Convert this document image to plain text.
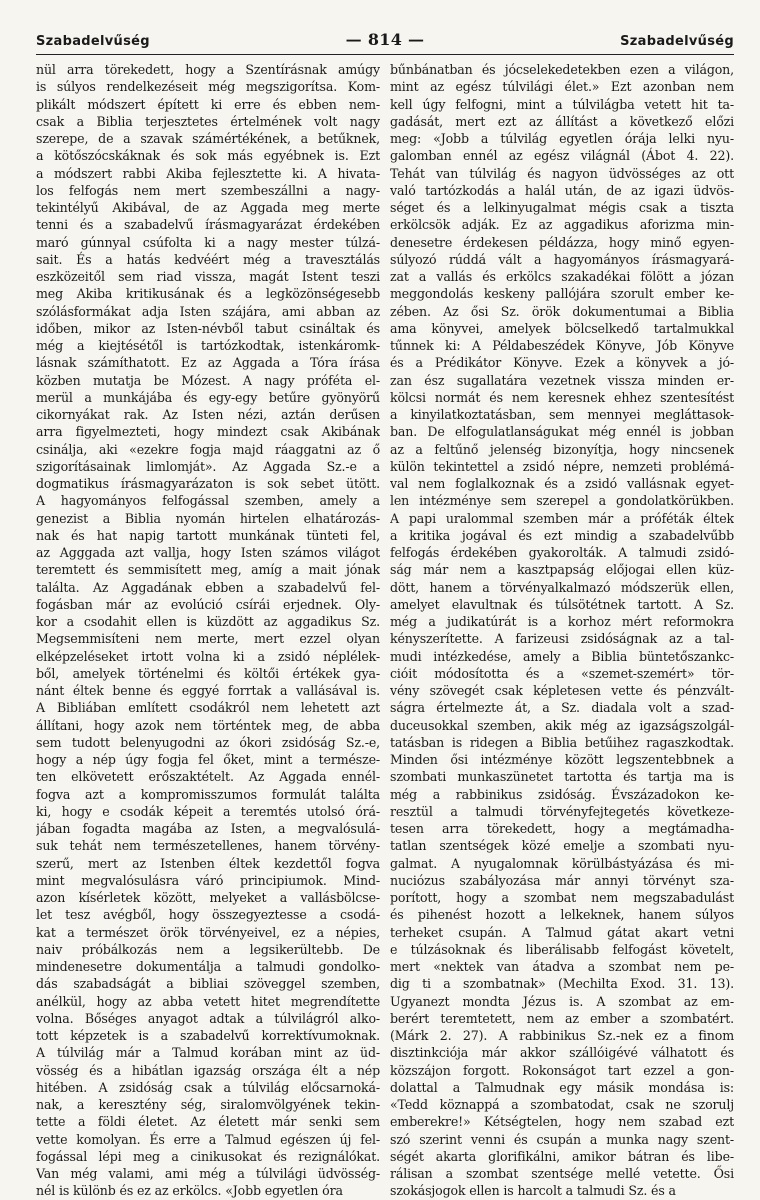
Szabadelvűség	— 814 —	Szabadelvűség
nül arra törekedett, hogy a Szentírásnak amúgy
is súlyos rendelkezéseit még megszigorítsa. Kom-
plikált módszert épített ki erre és ebben nem-
csak a Biblia terjesztetes értelmének volt nagy
szerepe, de a szavak számértékének, a betűknek,
a kötőszócskáknak és sok más egyébnek is. Ezt
a módszert rabbi Akiba fejlesztette ki. A hivata-
los felfogás nem mert szembeszállni a nagy-
tekintélyű Akibával, de az Aggada meg merte
tenni és a szabadelvű írásmagyarázat érdekében
maró gúnnyal csúfolta ki a nagy mester túlzá-
sait. És a hatás kedvéért még a travesztálás
eszközeitől sem riad vissza, magát Istent teszi
meg Akiba kritikusának és a legközönségesebb
szólásformákat adja Isten szájára, ami abban az
időben, mikor az Isten-névből tabut csináltak és
még a kiejtésétől is tartózkodtak, istenkáromk-
lásnak számíthatott. Ez az Aggada a Tóra írása
közben mutatja be Mózest. A nagy próféta el-
merül a munkájába és egy-egy betűre gyönyörű
cikornyákat rak. Az Isten nézi, aztán derűsen
arra figyelmezteti, hogy mindezt csak Akibának
csinálja, aki «ezekre fogja majd ráaggatni az ő
szigorításainak limlomját». Az Aggada Sz.-e a
dogmatikus írásmagyarázaton is sok sebet ütött.
A hagyományos felfogással szemben, amely a
genezist a Biblia nyomán hirtelen elhatározás-
nak és hat napig tartott munkának tünteti fel,
az Agggada azt vallja, hogy Isten számos világot
teremtett és semmisített meg, amíg a mait jónak
találta. Az Aggadának ebben a szabadelvű fel-
fogásban már az evolúció csírái erjednek. Oly-
kor a csodahit ellen is küzdött az aggadikus Sz.
Megsemmisíteni nem merte, mert ezzel olyan
elképzeléseket irtott volna ki a zsidó néplélek-
ből, amelyek történelmi és költői értékek gya-
nánt éltek benne és eggyé forrtak a vallásával is.
A Bibliában említett csodákról nem lehetett azt
állítani, hogy azok nem történtek meg, de abba
sem tudott belenyugodni az ókori zsidóság Sz.-e,
hogy a nép úgy fogja fel őket, mint a természe-
ten elkövetett erőszaktételt. Az Aggada ennél-
fogva azt a kompromisszumos formulát találta
ki, hogy e csodák képeit a teremtés utolsó órá-
jában fogadta magába az Isten, a megvalósulá-
suk tehát nem természetellenes, hanem törvény-
szerű, mert az Istenben éltek kezdettől fogva
mint megvalósulásra váró principiumok. Mind-
azon kísérletek között, melyeket a vallásbölcse-
let tesz avégből, hogy összegyeztesse a csodá-
kat a természet örök törvényeivel, ez a népies,
naiv próbálkozás nem a legsikerültebb. De
mindenesetre dokumentálja a talmudi gondolko-
dás szabadságát a bibliai szöveggel szemben,
anélkül, hogy az abba vetett hitet megrendítette
volna. Bőséges anyagot adtak a túlvilágról alko-
tott képzetek is a szabadelvű korrektívumoknak.
A túlvilág már a Talmud korában mint az üd-
vösség és a hibátlan igazság országa élt a nép
hitében. A zsidóság csak a túlvilág előcsarnoká-
nak, a keresztény ség, siralomvölgyének tekin-
tette a földi életet. Az életett már senki sem
vette komolyan. És erre a Talmud egészen új fel-
fogással lépi meg a cinikusokat és rezignálókat.
Van még valami, ami még a túlvilági üdvösség-
nél is különb és ez az erkölcs. «Jobb egyetlen óra
bűnbánatban és jócselekedetekben ezen a világon,
mint az egész túlvilági élet.» Ezt azonban nem
kell úgy felfogni, mint a túlvilágba vetett hit ta-
gadását, mert ezt az állítást a következő előzi
meg: «Jobb a túlvilág egyetlen órája lelki nyu-
galomban ennél az egész világnál (Ábot 4. 22).
Tehát van túlvilág és nagyon üdvösséges az ott
való tartózkodás a halál után, de az igazi üdvös-
séget és a lelkinyugalmat mégis csak a tiszta
erkölcsök adják. Ez az aggadikus aforizma min-
denesetre érdekesen példázza, hogy minő egyen-
súlyozó rúddá vált a hagyományos írásmagyará-
zat a vallás és erkölcs szakadékai fölött a józan
meggondolás keskeny pallójára szorult ember ke-
zében. Az ősi Sz. örök dokumentumai a Biblia
ama könyvei, amelyek bölcselkedő tartalmukkal
tűnnek ki: A Példabeszédek Könyve, Jób Könyve
és a Prédikátor Könyve. Ezek a könyvek a jó-
zan ész sugallatára vezetnek vissza minden er-
kölcsi normát és nem keresnek ehhez szentesítést
a kinyilatkoztatásban, sem mennyei megláttasok-
ban. De elfogulatlanságukat még ennél is jobban
az a feltűnő jelenség bizonyítja, hogy nincsenek
külön tekintettel a zsidó népre, nemzeti problémá-
val nem foglalkoznak és a zsidó vallásnak egyet-
len intézménye sem szerepel a gondolatkörükben.
A papi uralommal szemben már a próféták éltek
a kritika jogával és ezt mindig a szabadelvűbb
felfogás érdekében gyakorolták. A talmudi zsidó-
ság már nem a kasztpapság előjogai ellen küz-
dött, hanem a törvényalkalmazó módszerük ellen,
amelyet elavultnak és túlsötétnek tartott. A Sz.
még a judikatúrát is a korhoz mért reformokra
kényszerítette. A farizeusi zsidóságnak az a tal-
mudi intézkedése, amely a Biblia büntetőszankc-
cióit módosította és a «szemet-szemért» tör-
vény szövegét csak képletesen vette és pénzvált-
ságra értelmezte át, a Sz. diadala volt a szad-
duceusokkal szemben, akik még az igazságszolgál-
tatásban is ridegen a Biblia betűihez ragaszkodtak.
Minden ősi intézménye között legszentebbnek a
szombati munkaszünetet tartotta és tartja ma is
még a rabbinikus zsidóság. Évszázadokon ke-
resztül a talmudi törvényfejtegetés következe-
tesen arra törekedett, hogy a megtámadha-
tatlan szentségek közé emelje a szombati nyu-
galmat. A nyugalomnak körülbástyázása és mi-
nuciózus szabályozása már annyi törvényt sza-
porított, hogy a szombat nem megszabadulást
és pihenést hozott a lelkeknek, hanem súlyos
terheket csupán. A Talmud gátat akart vetni
e túlzásoknak és liberálisabb felfogást követelt,
mert «nektek van átadva a szombat nem pe-
dig ti a szombatnak» (Mechilta Exod. 31. 13).
Ugyanezt mondta Jézus is. A szombat az em-
berért teremtetett, nem az ember a szombatért.
(Márk 2. 27). A rabbinikus Sz.-nek ez a finom
disztinkciója már akkor szállóigévé válhatott és
közszájon forgott. Rokonságot tart ezzel a gon-
dolattal a Talmudnak egy másik mondása is:
«Tedd köznappá a szombatodat, csak ne szorulj
emberekre!» Kétségtelen, hogy nem szabad ezt
szó szerint venni és csupán a munka nagy szent-
ségét akarta glorifikálni, amikor bátran és libe-
rálisan a szombat szentsége mellé vetette. Ősi
szokásjogok ellen is harcolt a talmudi Sz. és a
